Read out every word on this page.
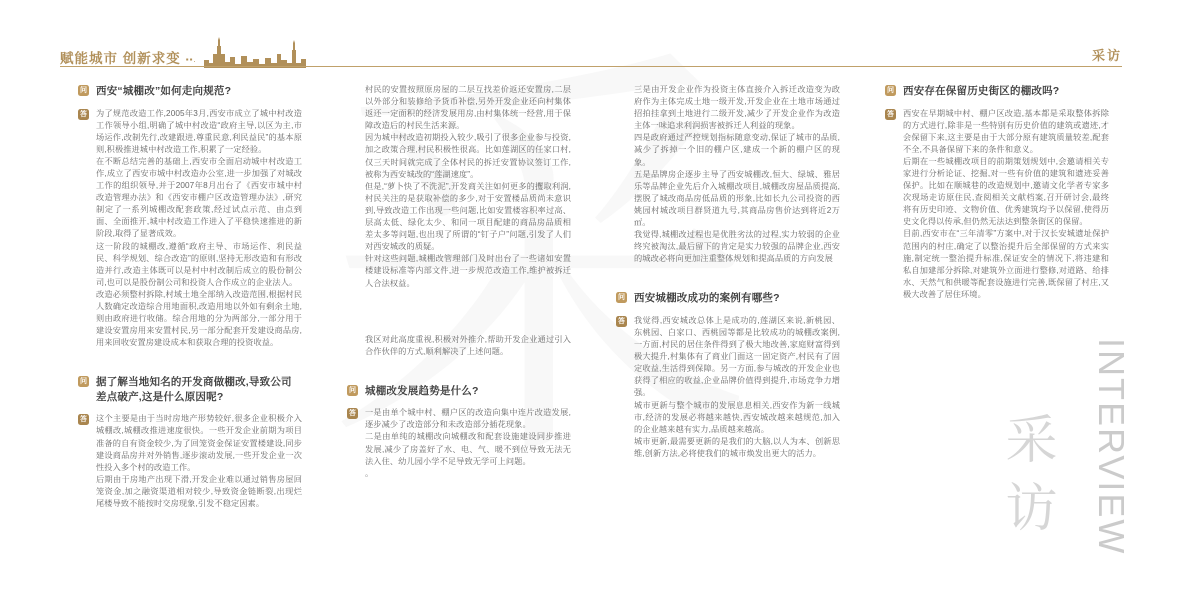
赋能城市 创新求变 ▪▪.	采访
问 西安“城棚改”如何走向规范?
答 为了规范改造工作,2005年3月,西安市成立了城中村改造工作领导小组,明确了城中村改造“政府主导,以区为主,市场运作,改制先行,改建跟进,尊重民意,利民益民”的基本原则,积极推进城中村改造工作,积累了一定经验。

在不断总结完善的基础上,西安市全面启动城中村改造工作,成立了西安市城中村改造办公室,进一步加强了对城改工作的组织领导,并于2007年8月出台了《西安市城中村改造管理办法》和《西安市棚户区改造管理办法》,研究制定了一系列城棚改配套政策,经过试点示范、由点到面、全面推开,城中村改造工作进入了平稳快速推进的新阶段,取得了显著成效。

这一阶段的城棚改,遵循“政府主导、市场运作、利民益民、科学规划、综合改造”的原则,坚持无形改造和有形改造并行,改造主体既可以是村中村改制后成立的股份制公司,也可以是股份制公司和投资人合作成立的企业法人。

改造必须整村拆除,村域土地全部纳入改造范围,根据村民人数确定改造综合用地面积,改造用地以外如有剩余土地,则由政府进行收储。综合用地的分为两部分,一部分用于建设安置房用来安置村民,另一部分配套开发建设商品房,用来回收安置房建设成本和获取合理的投资收益。

问 据了解当地知名的开发商做棚改,导致公司差点破产,这是什么原因呢?
答 这个主要是由于当时房地产形势较好,很多企业积极介入城棚改,城棚改推进速度很快。一些开发企业前期为项目准备的自有资金较少,为了回笼资金保证安置楼建设,同步建设商品房并对外销售,逐步滚动发展,一些开发企业一次性投入多个村的改造工作。

后期由于房地产出现下滑,开发企业难以通过销售房屋回笼资金,加之融资渠道相对较少,导致资金链断裂,出现烂尾楼导致不能按时交房现象,引发不稳定因素。

村民的安置按照原房屋的二层互找差价返还安置房,二层以外部分和装修给予货币补偿,另外开发企业还向村集体返还一定面积的经济发展用房,由村集体统一经营,用于保障改造后的村民生活来源。

因为城中村改造初期投入较少,吸引了很多企业参与投资,加之政策合理,村民积极性很高。比如莲湖区的任家口村,仅三天时间就完成了全体村民的拆迁安置协议签订工作,被称为西安城改的“莲湖速度”。

但是,“萝卜快了不洗泥”,开发商关注如何更多的攫取利润,村民关注的是获取补偿的多少,对于安置楼品质尚未意识到,导致改造工作出现一些问题,比如安置楼容积率过高、层高太低、绿化太少、和同一项目配建的商品房品质相差太多等问题,也出现了所谓的“钉子户”问题,引发了人们对西安城改的质疑。

针对这些问题,城棚改管理部门及时出台了一些诸如安置楼建设标准等内部文件,进一步规范改造工作,维护被拆迁人合法权益。

我区对此高度重视,积极对外推介,帮助开发企业通过引入合作伙伴的方式,顺利解决了上述问题。

问 城棚改发展趋势是什么?
答 一是由单个城中村、棚户区的改造向集中连片改造发展,逐步减少了改造部分和未改造部分插花现象。

二是由单纯的城棚改向城棚改和配套设施建设同步推进发展,减少了房盖好了水、电、气、暖不到位导致无法无法入住、幼儿园小学不足导致无学可上问题。

。

三是由开发企业作为投资主体直接介入拆迁改造变为政府作为主体完成土地一级开发,开发企业在土地市场通过招拍挂拿到土地进行二级开发,减少了开发企业作为改造主体一味追求利润损害被拆迁人利益的现象。

四是政府通过严控规划指标随意变动,保证了城市的品质,减少了拆掉一个旧的棚户区,建成一个新的棚户区的现象。

五是品牌房企逐步主导了西安城棚改,恒大、绿城、雅居乐等品牌企业先后介入城棚改项目,城棚改房屋品质提高,摆脱了城改商品房低品质的形象,比如长九公司投资的西姚园村城改项目群贤道九号,其商品房售价达到将近2万㎡。

我觉得,城棚改过程也是优胜劣汰的过程,实力较弱的企业终究被淘汰,最后留下的肯定是实力较强的品牌企业,西安的城改必将向更加注重整体规划和提高品质的方向发展

问 西安城棚改成功的案例有哪些?
答 我觉得,西安城改总体上是成功的,莲湖区来说,新桃园、东桃园、白家口、西桃园等都是比较成功的城棚改案例,一方面,村民的居住条件得到了极大地改善,家庭财富得到极大提升,村集体有了商业门面这一固定资产,村民有了固定收益,生活得到保障。另一方面,参与城改的开发企业也获得了相应的收益,企业品牌价值得到提升,市场竞争力增强。

城市更新与整个城市的发展息息相关,西安作为新一线城市,经济的发展必将越来越快,西安城改越来越规范,加入的企业越来越有实力,品质越来越高。

城市更新,最需要更新的是我们的大脑,以人为本、创新思维,创新方法,必将使我们的城市焕发出更大的活力。

问 西安存在保留历史街区的棚改吗?
答 西安在早期城中村、棚户区改造,基本都是采取整体拆除的方式进行,除非是一些特别有历史价值的建筑或遗迹,才会保留下来,这主要是由于大部分原有建筑质量较差,配套不全,不具备保留下来的条件和意义。

后期在一些城棚改项目的前期策划规划中,会邀请相关专家进行分析论证、挖掘,对一些有价值的建筑和遗迹妥善保护。比如在顺城巷的改造规划中,邀请文化学者专家多次现场走访原住民,查阅相关文献档案,召开研讨会,最终将有历史印迹、文物价值、优秀建筑均予以保留,使得历史文化得以传承,但仍然无法达到整条街区的保留。

目前,西安市在“三年清零”方案中,对于汉长安城遗址保护范围内的村庄,确定了以整治提升后全部保留的方式来实施,制定统一整治提升标准,保证安全的情况下,将违建和私自加建部分拆除,对建筑外立面进行整修,对道路、给排水、天然气和供暖等配套设施进行完善,既保留了村庄,又极大改善了居住环境。

INTERVIEW
采访
